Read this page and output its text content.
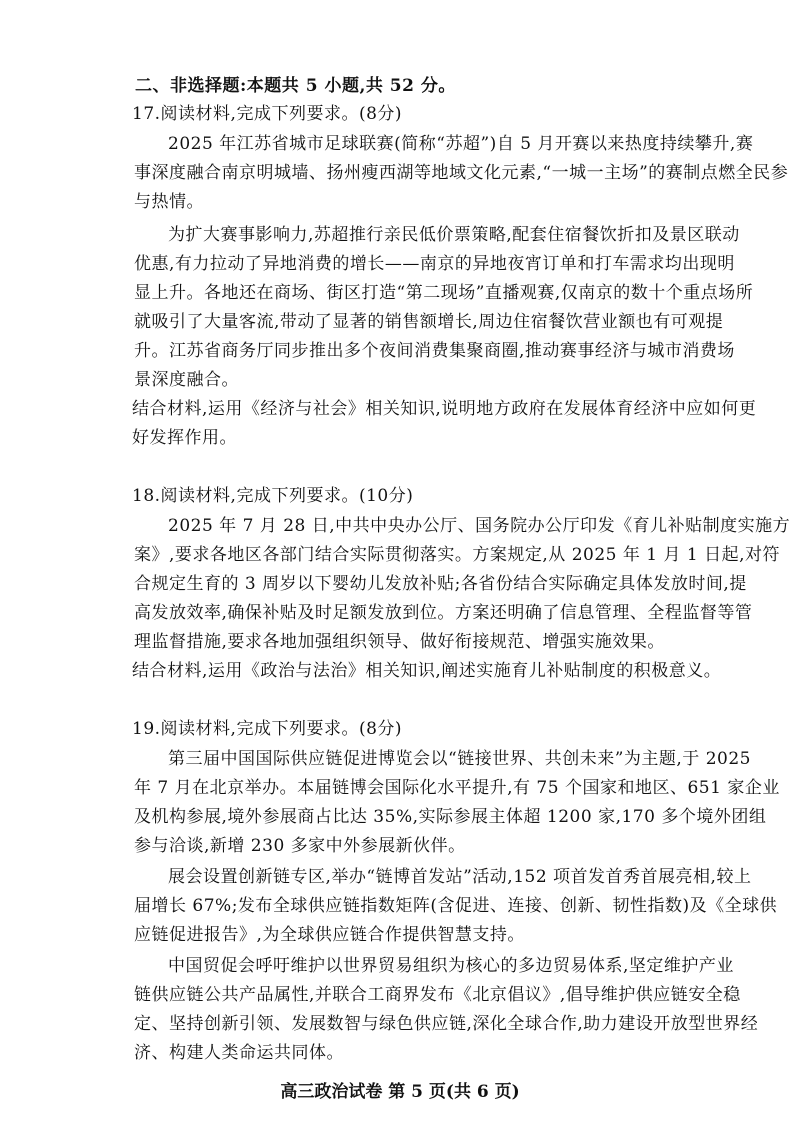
二、非选择题:本题共 5 小题,共 52 分。
17.阅读材料,完成下列要求。(8分)
2025 年江苏省城市足球联赛(简称“苏超”)自 5 月开赛以来热度持续攀升,赛
事深度融合南京明城墙、扬州瘦西湖等地域文化元素,“一城一主场”的赛制点燃全民参
与热情。
为扩大赛事影响力,苏超推行亲民低价票策略,配套住宿餐饮折扣及景区联动
优惠,有力拉动了异地消费的增长——南京的异地夜宵订单和打车需求均出现明
显上升。各地还在商场、街区打造“第二现场”直播观赛,仅南京的数十个重点场所
就吸引了大量客流,带动了显著的销售额增长,周边住宿餐饮营业额也有可观提
升。江苏省商务厅同步推出多个夜间消费集聚商圈,推动赛事经济与城市消费场
景深度融合。
结合材料,运用《经济与社会》相关知识,说明地方政府在发展体育经济中应如何更
好发挥作用。
18.阅读材料,完成下列要求。(10分)
2025 年 7 月 28 日,中共中央办公厅、国务院办公厅印发《育儿补贴制度实施方
案》,要求各地区各部门结合实际贯彻落实。方案规定,从 2025 年 1 月 1 日起,对符
合规定生育的 3 周岁以下婴幼儿发放补贴;各省份结合实际确定具体发放时间,提
高发放效率,确保补贴及时足额发放到位。方案还明确了信息管理、全程监督等管
理监督措施,要求各地加强组织领导、做好衔接规范、增强实施效果。
结合材料,运用《政治与法治》相关知识,阐述实施育儿补贴制度的积极意义。
19.阅读材料,完成下列要求。(8分)
第三届中国国际供应链促进博览会以“链接世界、共创未来”为主题,于 2025
年 7 月在北京举办。本届链博会国际化水平提升,有 75 个国家和地区、651 家企业
及机构参展,境外参展商占比达 35%,实际参展主体超 1200 家,170 多个境外团组
参与洽谈,新增 230 多家中外参展新伙伴。
展会设置创新链专区,举办“链博首发站”活动,152 项首发首秀首展亮相,较上
届增长 67%;发布全球供应链指数矩阵(含促进、连接、创新、韧性指数)及《全球供
应链促进报告》,为全球供应链合作提供智慧支持。
中国贸促会呼吁维护以世界贸易组织为核心的多边贸易体系,坚定维护产业
链供应链公共产品属性,并联合工商界发布《北京倡议》,倡导维护供应链安全稳
定、坚持创新引领、发展数智与绿色供应链,深化全球合作,助力建设开放型世界经
济、构建人类命运共同体。
高三政治试卷 第 5 页(共 6 页)
